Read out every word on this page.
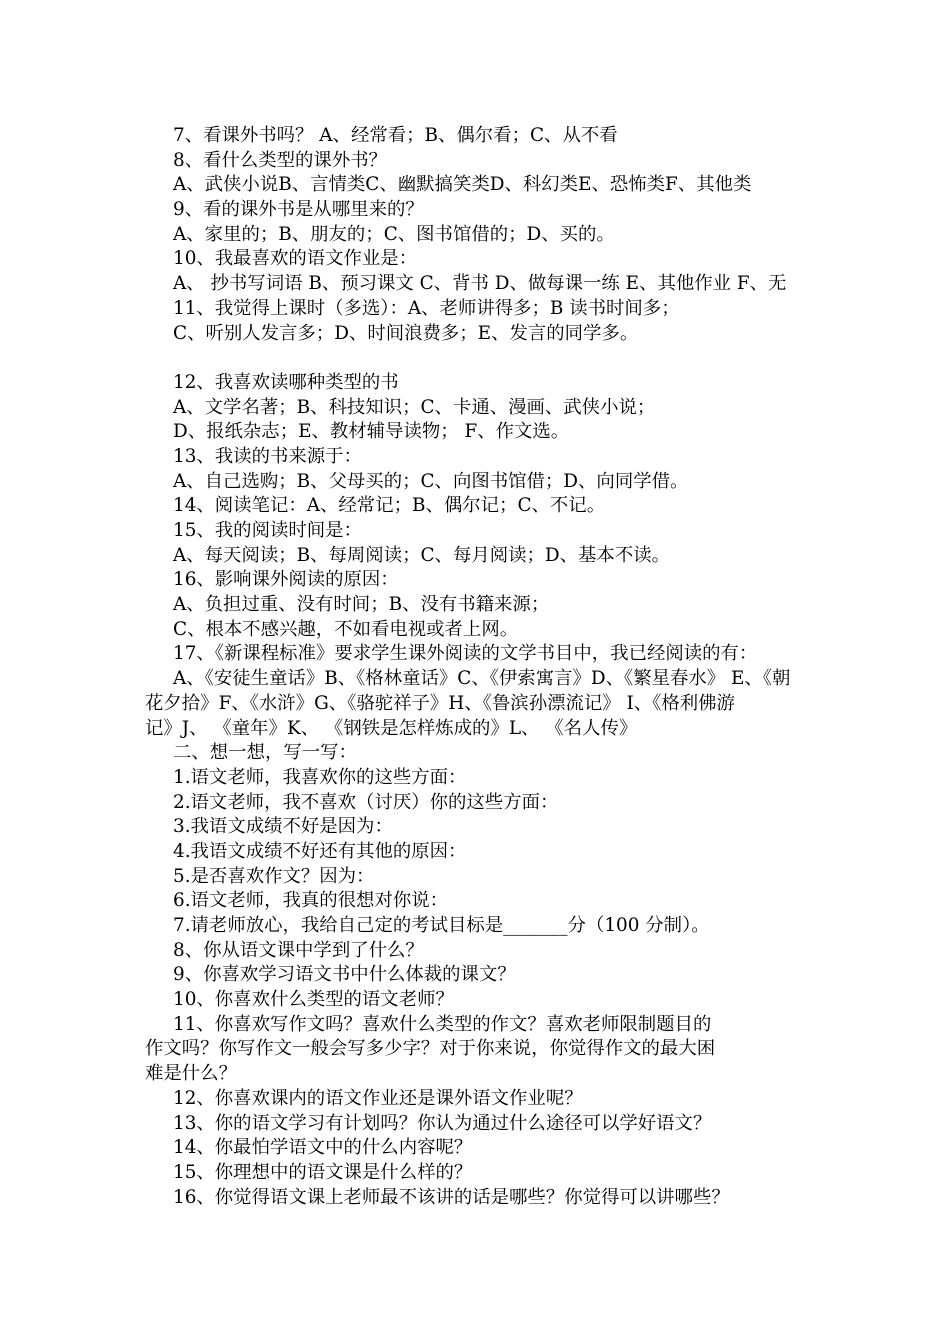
7、看课外书吗？ A、经常看；B、偶尔看；C、从不看
8、看什么类型的课外书？
A、武侠小说B、言情类C、幽默搞笑类D、科幻类E、恐怖类F、其他类
9、看的课外书是从哪里来的？
A、家里的；B、朋友的；C、图书馆借的；D、买的。
10、我最喜欢的语文作业是：
A、 抄书写词语 B、预习课文 C、背书 D、做每课一练 E、其他作业 F、无
11、我觉得上课时（多选）：A、老师讲得多；B 读书时间多；
C、听别人发言多；D、时间浪费多；E、发言的同学多。
12、我喜欢读哪种类型的书
A、文学名著；B、科技知识；C、卡通、漫画、武侠小说；
D、报纸杂志；E、教材辅导读物； F、作文选。
13、我读的书来源于：
A、自己选购；B、父母买的；C、向图书馆借；D、向同学借。
14、阅读笔记：A、经常记；B、偶尔记；C、不记。
15、我的阅读时间是：
A、每天阅读；B、每周阅读；C、每月阅读；D、基本不读。
16、影响课外阅读的原因：
A、负担过重、没有时间；B、没有书籍来源；
C、根本不感兴趣，不如看电视或者上网。
17、《新课程标准》要求学生课外阅读的文学书目中，我已经阅读的有：
A、《安徒生童话》B、《格林童话》C、《伊索寓言》D、《繁星春水》 E、《朝
花夕拾》F、《水浒》G、《骆驼祥子》H、《鲁滨孙漂流记》 I、《格利佛游
记》J、 《童年》K、 《钢铁是怎样炼成的》L、 《名人传》
二、想一想，写一写：
1.语文老师，我喜欢你的这些方面：
2.语文老师，我不喜欢（讨厌）你的这些方面：
3.我语文成绩不好是因为：
4.我语文成绩不好还有其他的原因：
5.是否喜欢作文？因为：
6.语文老师，我真的很想对你说：
7.请老师放心，我给自己定的考试目标是_______分（100 分制）。
8、你从语文课中学到了什么？
9、你喜欢学习语文书中什么体裁的课文？
10、你喜欢什么类型的语文老师？
11、你喜欢写作文吗？喜欢什么类型的作文？喜欢老师限制题目的
作文吗？你写作文一般会写多少字？对于你来说，你觉得作文的最大困
难是什么？
12、你喜欢课内的语文作业还是课外语文作业呢？
13、你的语文学习有计划吗？你认为通过什么途径可以学好语文？
14、你最怕学语文中的什么内容呢？
15、你理想中的语文课是什么样的？
16、你觉得语文课上老师最不该讲的话是哪些？你觉得可以讲哪些？
